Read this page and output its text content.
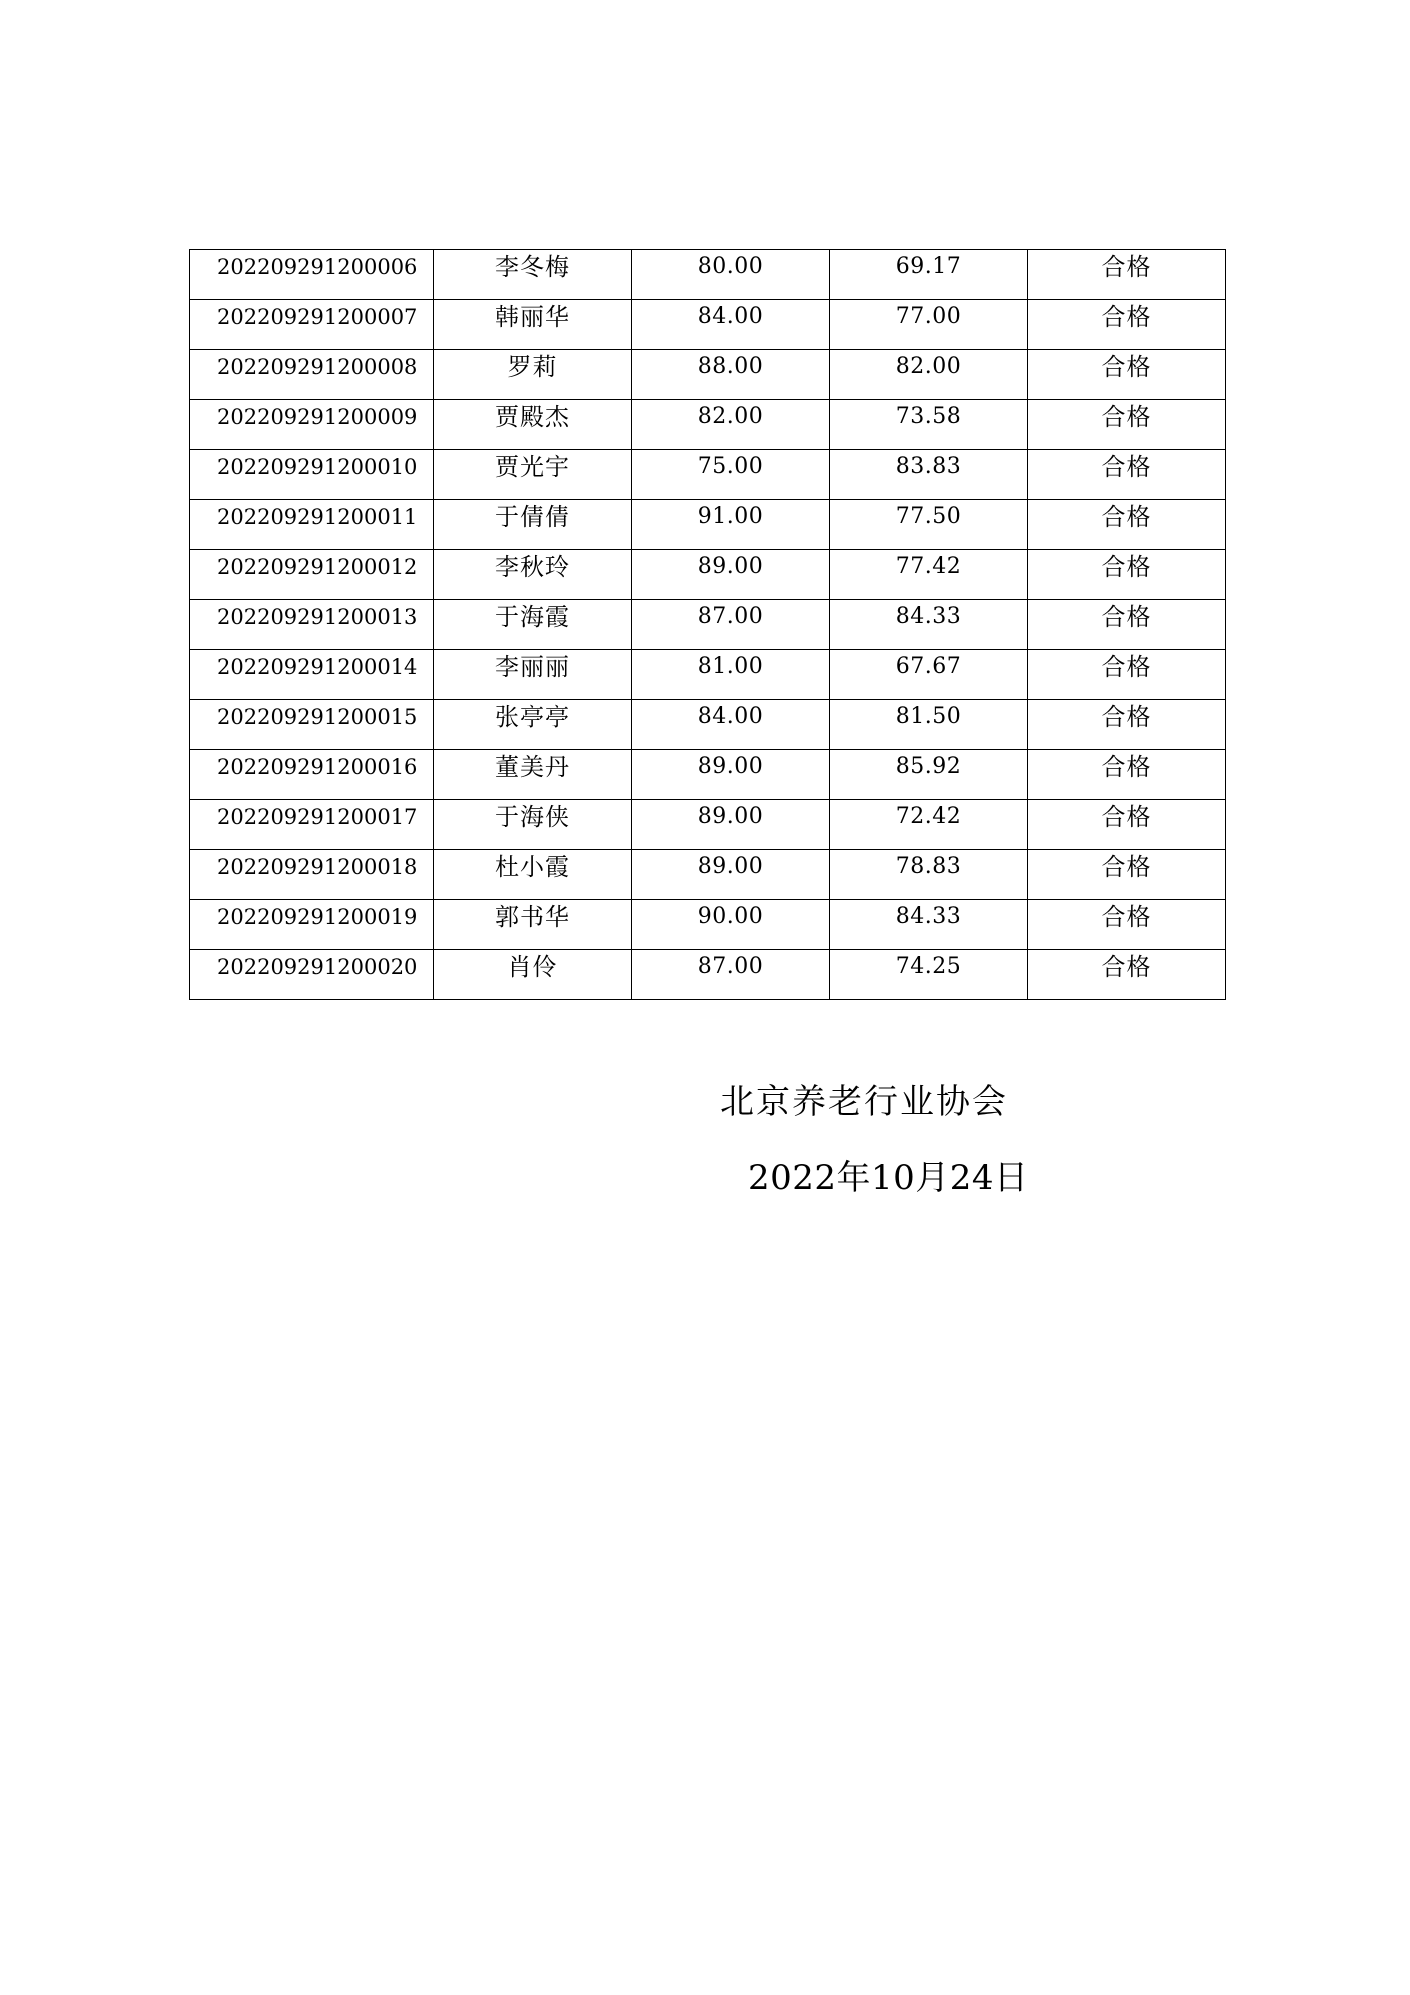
202209291200006	李冬梅	80.00	69.17	合格
202209291200007	韩丽华	84.00	77.00	合格
202209291200008	罗莉	88.00	82.00	合格
202209291200009	贾殿杰	82.00	73.58	合格
202209291200010	贾光宇	75.00	83.83	合格
202209291200011	于倩倩	91.00	77.50	合格
202209291200012	李秋玲	89.00	77.42	合格
202209291200013	于海霞	87.00	84.33	合格
202209291200014	李丽丽	81.00	67.67	合格
202209291200015	张亭亭	84.00	81.50	合格
202209291200016	董美丹	89.00	85.92	合格
202209291200017	于海侠	89.00	72.42	合格
202209291200018	杜小霞	89.00	78.83	合格
202209291200019	郭书华	90.00	84.33	合格
202209291200020	肖伶	87.00	74.25	合格
北京养老行业协会
2022年10月24日
